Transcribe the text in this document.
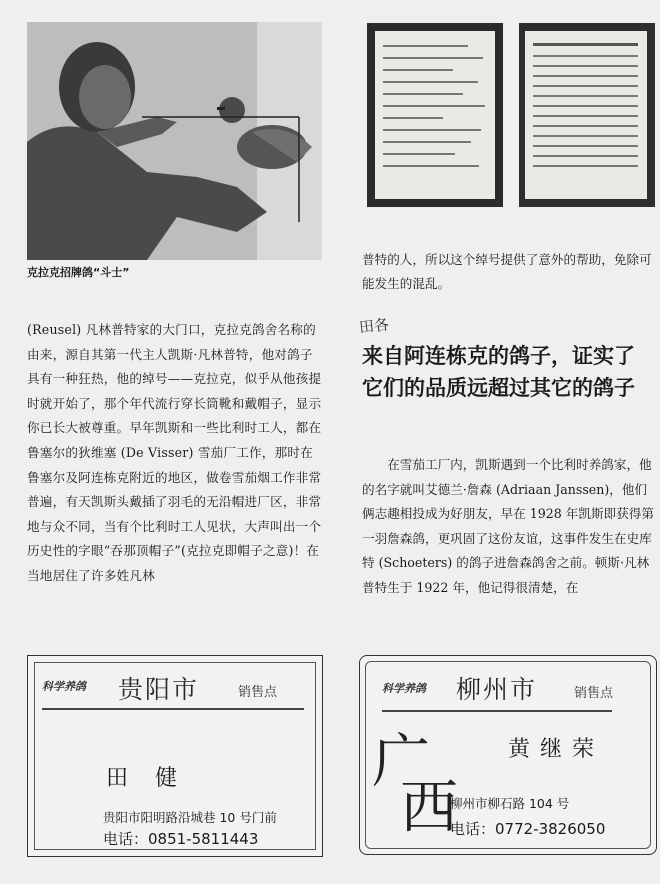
克拉克招牌鸽“斗士”

普特的人，所以这个绰号提供了意外的帮助，免除可能发生的混乱。

(Reusel) 凡林普特家的大门口，克拉克鸽舍名称的由来，源自其第一代主人凯斯·凡林普特，他对鸽子具有一种狂热，他的绰号——克拉克，似乎从他孩提时就开始了，那个年代流行穿长筒靴和戴帽子，显示你已长大被尊重。早年凯斯和一些比利时工人，都在鲁塞尔的狄维塞 (De Visser) 雪茄厂工作，那时在鲁塞尔及阿连栋克附近的地区，做卷雪茄烟工作非常普遍，有天凯斯头戴插了羽毛的无沿帽进厂区，非常地与众不同，当有个比利时工人见状，大声叫出一个历史性的字眼“吞那顶帽子”(克拉克即帽子之意)！在当地居住了许多姓凡林

田各
来自阿连栋克的鸽子，证实了
它们的品质远超过其它的鸽子

在雪茄工厂内，凯斯遇到一个比利时养鸽家，他的名字就叫艾德兰·詹森 (Adriaan Janssen)，他们俩志趣相投成为好朋友，早在 1928 年凯斯即获得第一羽詹森鸽，更巩固了这份友谊，这事件发生在史库特 (Schoeters) 的鸽子进詹森鸽舍之前。顿斯·凡林普特生于 1922 年，他记得很清楚，在

科学养鸽 贵阳市	销售点
田 健
贵阳市阳明路沿城巷 10 号门前
电话：0851-5811443
科学养鸽 柳州市	销售点
黄继荣
广
西
柳州市柳石路 104 号
电话：0772-3826050
